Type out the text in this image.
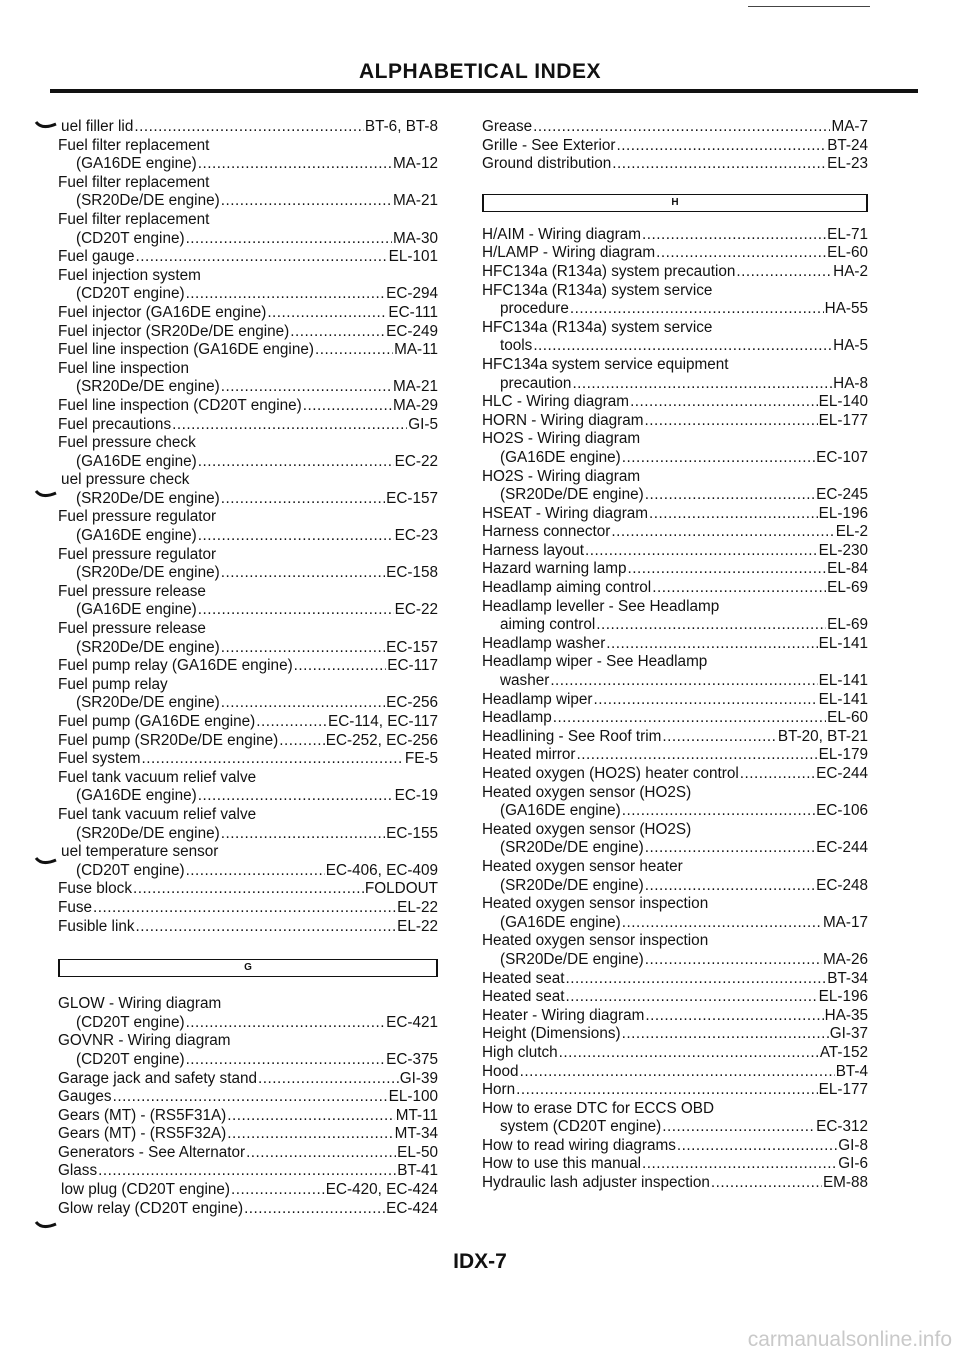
ALPHABETICAL INDEX
 uel filler lid .....	BT-6, BT-8
Fuel filter replacement
(GA16DE engine) .....	MA-12
Fuel filter replacement
(SR20De/DE engine) .....	MA-21
Fuel filter replacement
(CD20T engine) .....	MA-30
Fuel gauge .....	EL-101
Fuel injection system
(CD20T engine) .....	EC-294
Fuel injector (GA16DE engine) .....	EC-111
Fuel injector (SR20De/DE engine) .....	EC-249
Fuel line inspection (GA16DE engine) .....	MA-11
Fuel line inspection
(SR20De/DE engine) .....	MA-21
Fuel line inspection (CD20T engine) .....	MA-29
Fuel precautions .....	GI-5
Fuel pressure check
(GA16DE engine) .....	EC-22
 uel pressure check
(SR20De/DE engine) .....	EC-157
Fuel pressure regulator
(GA16DE engine) .....	EC-23
Fuel pressure regulator
(SR20De/DE engine) .....	EC-158
Fuel pressure release
(GA16DE engine) .....	EC-22
Fuel pressure release
(SR20De/DE engine) .....	EC-157
Fuel pump relay (GA16DE engine) .....	EC-117
Fuel pump relay
(SR20De/DE engine) .....	EC-256
Fuel pump (GA16DE engine) .....	EC-114, EC-117
Fuel pump (SR20De/DE engine) .....	EC-252, EC-256
Fuel system .....	FE-5
Fuel tank vacuum relief valve
(GA16DE engine) .....	EC-19
Fuel tank vacuum relief valve
(SR20De/DE engine) .....	EC-155
 uel temperature sensor
(CD20T engine) .....	EC-406, EC-409
Fuse block .....	FOLDOUT
Fuse .....	EL-22
Fusible link .....	EL-22
G
GLOW - Wiring diagram
(CD20T engine) .....	EC-421
GOVNR - Wiring diagram
(CD20T engine) .....	EC-375
Garage jack and safety stand .....	GI-39
Gauges .....	EL-100
Gears (MT) - (RS5F31A) .....	MT-11
Gears (MT) - (RS5F32A) .....	MT-34
Generators - See Alternator .....	EL-50
Glass .....	BT-41
 low plug (CD20T engine) .....	EC-420, EC-424
Glow relay (CD20T engine) .....	EC-424
Grease .....	MA-7
Grille - See Exterior .....	BT-24
Ground distribution .....	EL-23
H
H/AIM - Wiring diagram .....	EL-71
H/LAMP - Wiring diagram .....	EL-60
HFC134a (R134a) system precaution .....	HA-2
HFC134a (R134a) system service
procedure .....	HA-55
HFC134a (R134a) system service
tools .....	HA-5
HFC134a system service equipment
precaution .....	HA-8
HLC - Wiring diagram .....	EL-140
HORN - Wiring diagram .....	EL-177
HO2S - Wiring diagram
(GA16DE engine) .....	EC-107
HO2S - Wiring diagram
(SR20De/DE engine) .....	EC-245
HSEAT - Wiring diagram .....	EL-196
Harness connector .....	EL-2
Harness layout .....	EL-230
Hazard warning lamp .....	EL-84
Headlamp aiming control .....	EL-69
Headlamp leveller - See Headlamp
aiming control .....	EL-69
Headlamp washer .....	EL-141
Headlamp wiper - See Headlamp
washer .....	EL-141
Headlamp wiper .....	EL-141
Headlamp .....	EL-60
Headlining - See Roof trim .....	BT-20, BT-21
Heated mirror .....	EL-179
Heated oxygen (HO2S) heater control .....	EC-244
Heated oxygen sensor (HO2S)
(GA16DE engine) .....	EC-106
Heated oxygen sensor (HO2S)
(SR20De/DE engine) .....	EC-244
Heated oxygen sensor heater
(SR20De/DE engine) .....	EC-248
Heated oxygen sensor inspection
(GA16DE engine) .....	MA-17
Heated oxygen sensor inspection
(SR20De/DE engine) .....	MA-26
Heated seat .....	BT-34
Heated seat .....	EL-196
Heater - Wiring diagram .....	HA-35
Height (Dimensions) .....	GI-37
High clutch .....	AT-152
Hood .....	BT-4
Horn .....	EL-177
How to erase DTC for ECCS OBD
system (CD20T engine) .....	EC-312
How to read wiring diagrams .....	GI-8
How to use this manual .....	GI-6
Hydraulic lash adjuster inspection .....	EM-88
IDX-7
carmanualsonline.info
